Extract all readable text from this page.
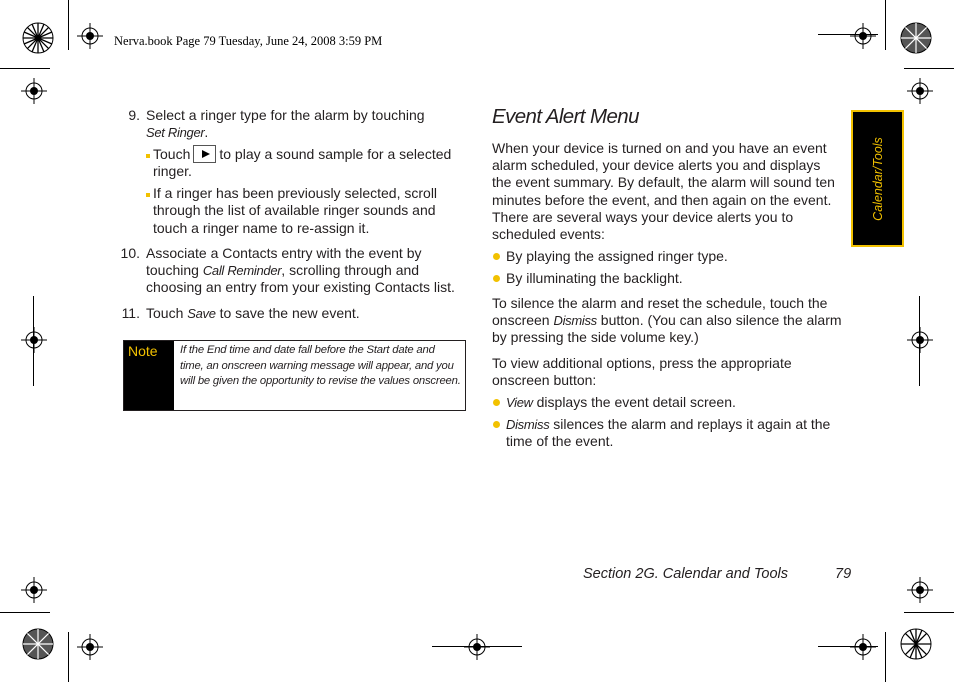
Nerva.book Page 79 Tuesday, June 24, 2008 3:59 PM
9. Select a ringer type for the alarm by touching
Set Ringer.
Touch to play a sound sample for a selected
ringer.
If a ringer has been previously selected, scroll
through the list of available ringer sounds and
touch a ringer name to re-assign it.
10. Associate a Contacts entry with the event by
touching Call Reminder, scrolling through and
choosing an entry from your existing Contacts list.
11. Touch Save to save the new event.
Note	If the End time and date fall before the Start date and time, an onscreen warning message will appear, and you will be given the opportunity to revise the values onscreen.
Event Alert Menu
When your device is turned on and you have an event alarm scheduled, your device alerts you and displays the event summary. By default, the alarm will sound ten minutes before the event, and then again on the event. There are several ways your device alerts you to scheduled events:
By playing the assigned ringer type.
By illuminating the backlight.
To silence the alarm and reset the schedule, touch the onscreen Dismiss button. (You can also silence the alarm by pressing the side volume key.)
To view additional options, press the appropriate onscreen button:
View displays the event detail screen.
Dismiss silences the alarm and replays it again at the time of the event.
Calendar/Tools
Section 2G. Calendar and Tools	79
